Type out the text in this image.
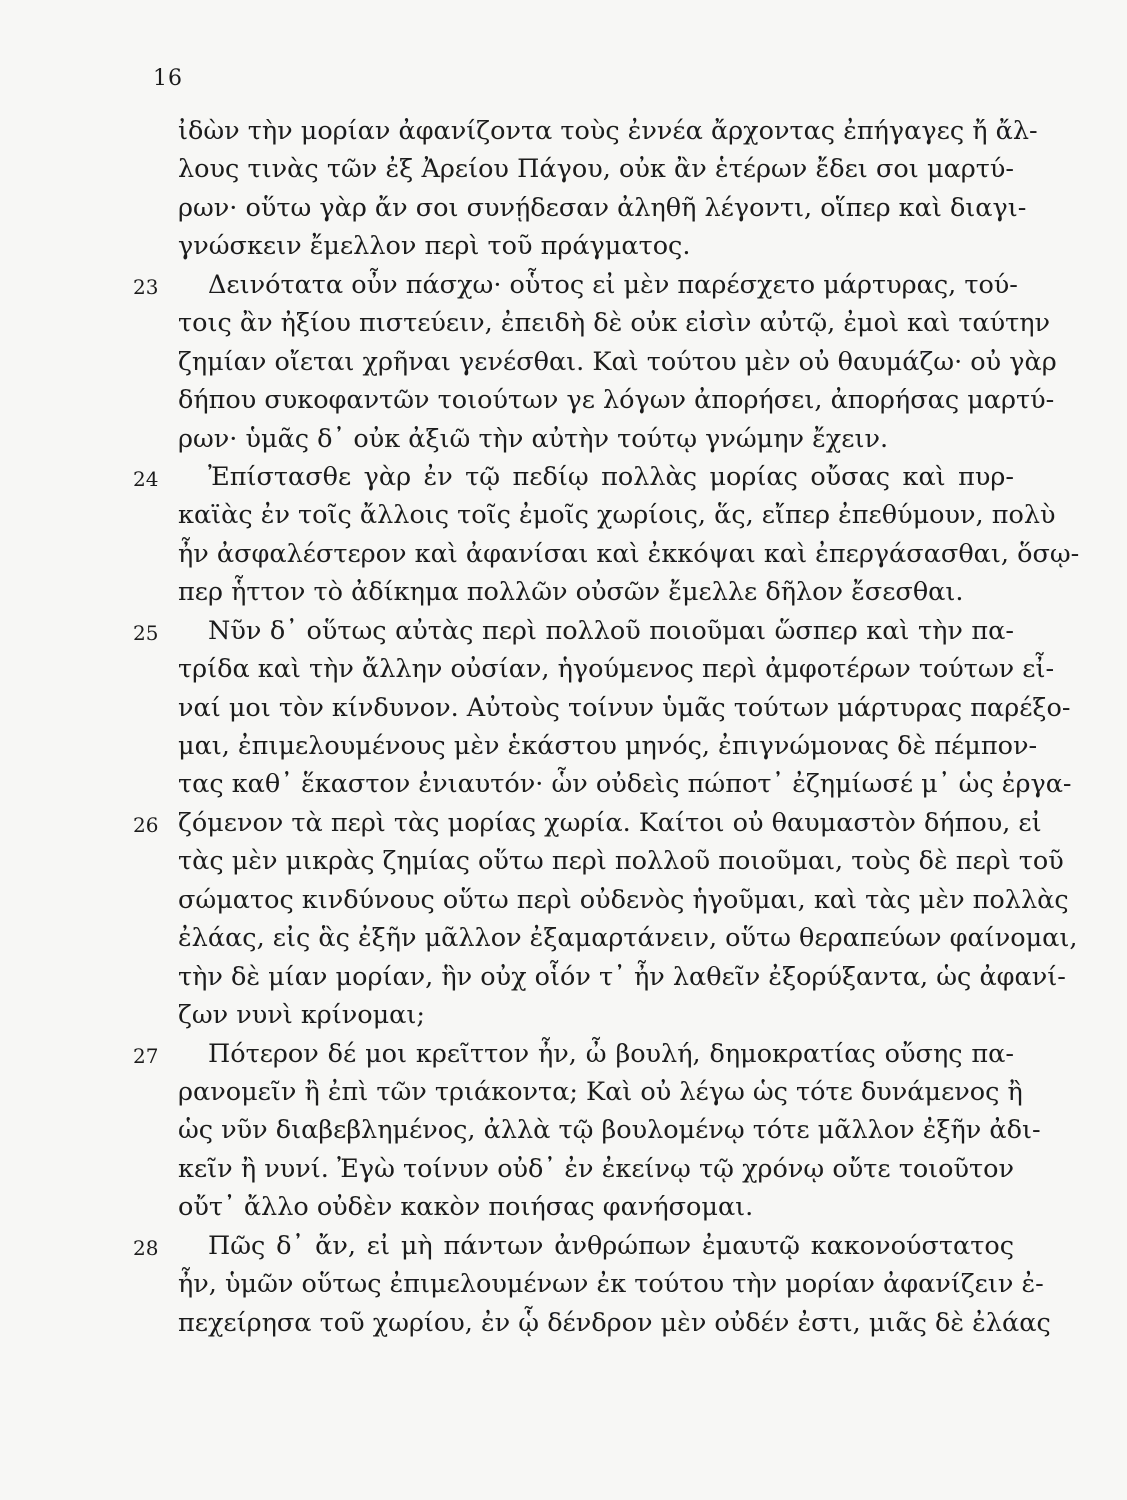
16
ἰδὼν τὴν μορίαν ἀφανίζοντα τοὺς ἐννέα ἄρχοντας ἐπήγαγες ἤ ἄλ-
λους τινὰς τῶν ἐξ Ἀρείου Πάγου, οὐκ ἂν ἑτέρων ἔδει σοι μαρτύ-
ρων· οὕτω γὰρ ἄν σοι συνῄδεσαν ἀληθῆ λέγοντι, οἵπερ καὶ διαγι-
γνώσκειν ἔμελλον περὶ τοῦ πράγματος.
23	Δεινότατα οὖν πάσχω· οὗτος εἰ μὲν παρέσχετο μάρτυρας, τού-
τοις ἂν ἠξίου πιστεύειν, ἐπειδὴ δὲ οὐκ εἰσὶν αὐτῷ, ἐμοὶ καὶ ταύτην
ζημίαν οἴεται χρῆναι γενέσθαι. Καὶ τούτου μὲν οὐ θαυμάζω· οὐ γὰρ
δήπου συκοφαντῶν τοιούτων γε λόγων ἀπορήσει, ἀπορήσας μαρτύ-
ρων· ὑμᾶς δ᾽ οὐκ ἀξιῶ τὴν αὐτὴν τούτῳ γνώμην ἔχειν.
24	Ἐπίστασθε γὰρ ἐν τῷ πεδίῳ πολλὰς μορίας οὔσας καὶ πυρ-
καϊὰς ἐν τοῖς ἄλλοις τοῖς ἐμοῖς χωρίοις, ἅς, εἴπερ ἐπεθύμουν, πολὺ
ἦν ἀσφαλέστερον καὶ ἀφανίσαι καὶ ἐκκόψαι καὶ ἐπεργάσασθαι, ὅσῳ-
περ ἧττον τὸ ἀδίκημα πολλῶν οὐσῶν ἔμελλε δῆλον ἔσεσθαι.
25	Νῦν δ᾽ οὕτως αὐτὰς περὶ πολλοῦ ποιοῦμαι ὥσπερ καὶ τὴν πα-
τρίδα καὶ τὴν ἄλλην οὐσίαν, ἡγούμενος περὶ ἀμφοτέρων τούτων εἶ-
ναί μοι τὸν κίνδυνον. Αὐτοὺς τοίνυν ὑμᾶς τούτων μάρτυρας παρέξο-
μαι, ἐπιμελουμένους μὲν ἑκάστου μηνός, ἐπιγνώμονας δὲ πέμπον-
τας καθ᾽ ἕκαστον ἐνιαυτόν· ὧν οὐδεὶς πώποτ᾽ ἐζημίωσέ μ᾽ ὡς ἐργα-
26 ζόμενον τὰ περὶ τὰς μορίας χωρία. Καίτοι οὐ θαυμαστὸν δήπου, εἰ
τὰς μὲν μικρὰς ζημίας οὕτω περὶ πολλοῦ ποιοῦμαι, τοὺς δὲ περὶ τοῦ
σώματος κινδύνους οὕτω περὶ οὐδενὸς ἡγοῦμαι, καὶ τὰς μὲν πολλὰς
ἐλάας, εἰς ἃς ἐξῆν μᾶλλον ἐξαμαρτάνειν, οὕτω θεραπεύων φαίνομαι,
τὴν δὲ μίαν μορίαν, ἣν οὐχ οἷόν τ᾽ ἦν λαθεῖν ἐξορύξαντα, ὡς ἀφανί-
ζων νυνὶ κρίνομαι;
27	Πότερον δέ μοι κρεῖττον ἦν, ὦ βουλή, δημοκρατίας οὔσης πα-
ρανομεῖν ἢ ἐπὶ τῶν τριάκοντα; Καὶ οὐ λέγω ὡς τότε δυνάμενος ἢ
ὡς νῦν διαβεβλημένος, ἀλλὰ τῷ βουλομένῳ τότε μᾶλλον ἐξῆν ἀδι-
κεῖν ἢ νυνί. Ἐγὼ τοίνυν οὐδ᾽ ἐν ἐκείνῳ τῷ χρόνῳ οὔτε τοιοῦτον
οὔτ᾽ ἄλλο οὐδὲν κακὸν ποιήσας φανήσομαι.
28	Πῶς δ᾽ ἄν, εἰ μὴ πάντων ἀνθρώπων ἐμαυτῷ κακονούστατος
ἦν, ὑμῶν οὕτως ἐπιμελουμένων ἐκ τούτου τὴν μορίαν ἀφανίζειν ἐ-
πεχείρησα τοῦ χωρίου, ἐν ᾧ δένδρον μὲν οὐδέν ἐστι, μιᾶς δὲ ἐλάας
